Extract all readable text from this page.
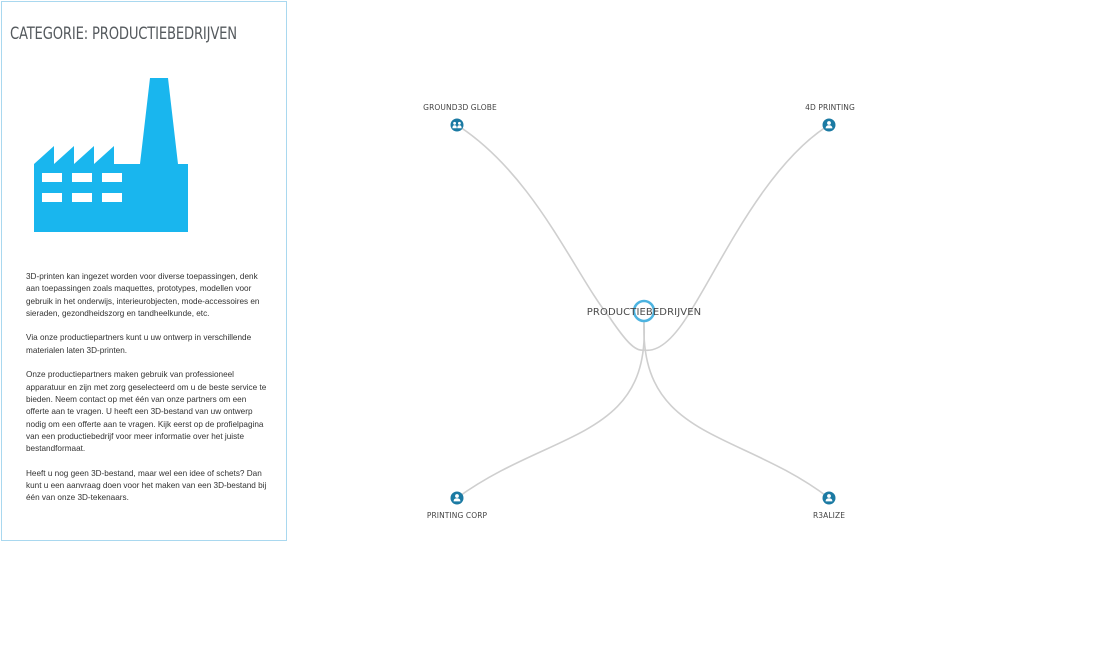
CATEGORIE: PRODUCTIEBEDRIJVEN

3D-printen kan ingezet worden voor diverse toepassingen, denk aan toepassingen zoals maquettes, prototypes, modellen voor gebruik in het onderwijs, interieurobjecten, mode-accessoires en sieraden, gezondheidszorg en tandheelkunde, etc.

Via onze productiepartners kunt u uw ontwerp in verschillende materialen laten 3D-printen.

Onze productiepartners maken gebruik van professioneel apparatuur en zijn met zorg geselecteerd om u de beste service te bieden. Neem contact op met één van onze partners om een offerte aan te vragen. U heeft een 3D-bestand van uw ontwerp nodig om een offerte aan te vragen. Kijk eerst op de profielpagina van een productiebedrijf voor meer informatie over het juiste bestandformaat.

Heeft u nog geen 3D-bestand, maar wel een idee of schets? Dan kunt u een aanvraag doen voor het maken van een 3D-bestand bij één van onze 3D-tekenaars.

PRODUCTIEBEDRIJVEN
GROUND3D GLOBE	4D PRINTING
PRINTING CORP	R3ALIZE
